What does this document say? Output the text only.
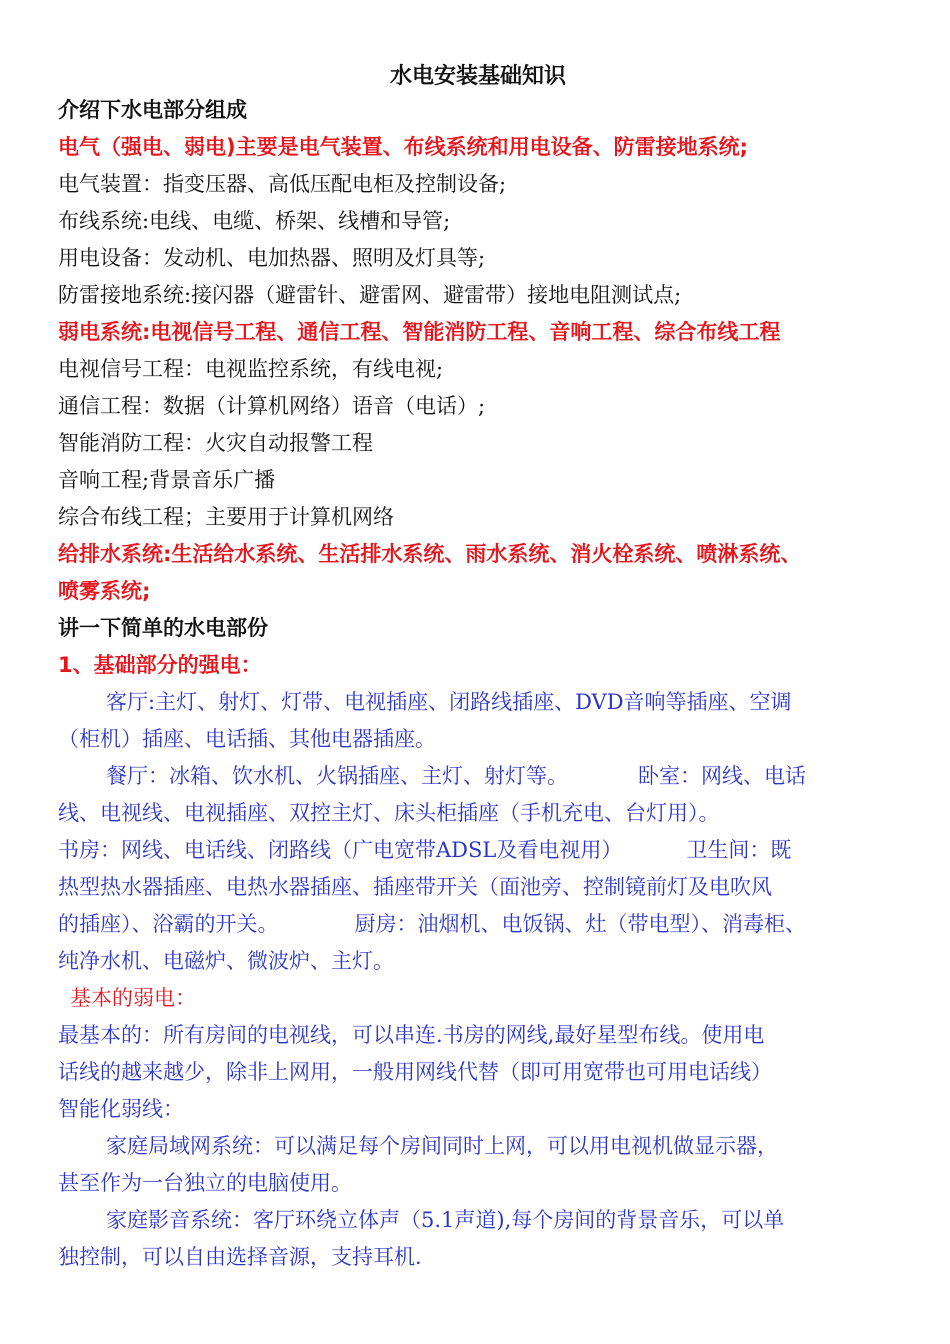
水电安装基础知识
介绍下水电部分组成
电气（强电、弱电)主要是电气装置、布线系统和用电设备、防雷接地系统;
电气装置：指变压器、高低压配电柜及控制设备;
布线系统:电线、电缆、桥架、线槽和导管;
用电设备：发动机、电加热器、照明及灯具等;
防雷接地系统:接闪器（避雷针、避雷网、避雷带）接地电阻测试点;
弱电系统:电视信号工程、通信工程、智能消防工程、音响工程、综合布线工程
电视信号工程：电视监控系统，有线电视;
通信工程：数据（计算机网络）语音（电话）;
智能消防工程：火灾自动报警工程
音响工程;背景音乐广播
综合布线工程；主要用于计算机网络
给排水系统:生活给水系统、生活排水系统、雨水系统、消火栓系统、喷淋系统、
喷雾系统;
讲一下简单的水电部份
1、基础部分的强电：
客厅:主灯、射灯、灯带、电视插座、闭路线插座、DVD音响等插座、空调
（柜机）插座、电话插、其他电器插座。
餐厅：冰箱、饮水机、火锅插座、主灯、射灯等。	卧室：网线、电话
线、电视线、电视插座、双控主灯、床头柜插座（手机充电、台灯用）。
书房：网线、电话线、闭路线（广电宽带ADSL及看电视用）	卫生间：既
热型热水器插座、电热水器插座、插座带开关（面池旁、控制镜前灯及电吹风
的插座）、浴霸的开关。	厨房：油烟机、电饭锅、灶（带电型）、消毒柜、
纯净水机、电磁炉、微波炉、主灯。
基本的弱电：
最基本的：所有房间的电视线，可以串连.书房的网线,最好星型布线。使用电
话线的越来越少，除非上网用，一般用网线代替（即可用宽带也可用电话线）
智能化弱线：
家庭局域网系统：可以满足每个房间同时上网，可以用电视机做显示器，
甚至作为一台独立的电脑使用。
家庭影音系统：客厅环绕立体声（5.1声道),每个房间的背景音乐，可以单
独控制，可以自由选择音源，支持耳机.
